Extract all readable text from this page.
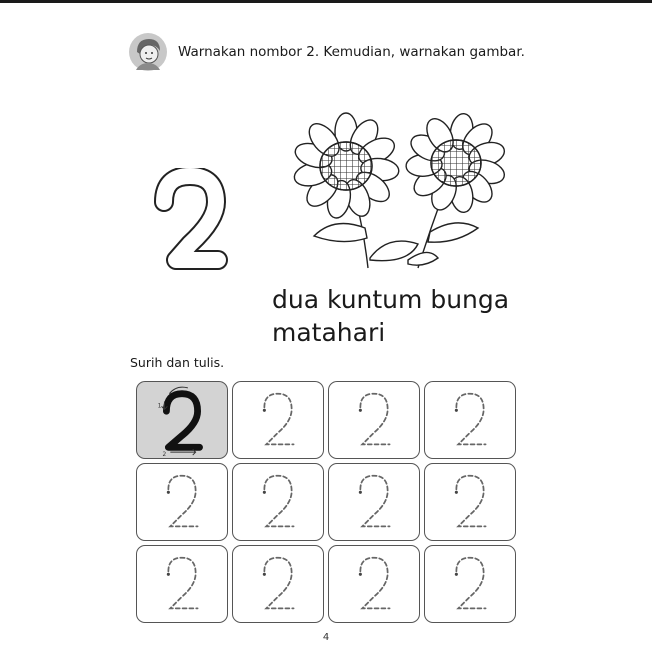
Warnakan nombor 2. Kemudian, warnakan gambar.

dua kuntum bunga matahari

Surih dan tulis.
1
2
4
